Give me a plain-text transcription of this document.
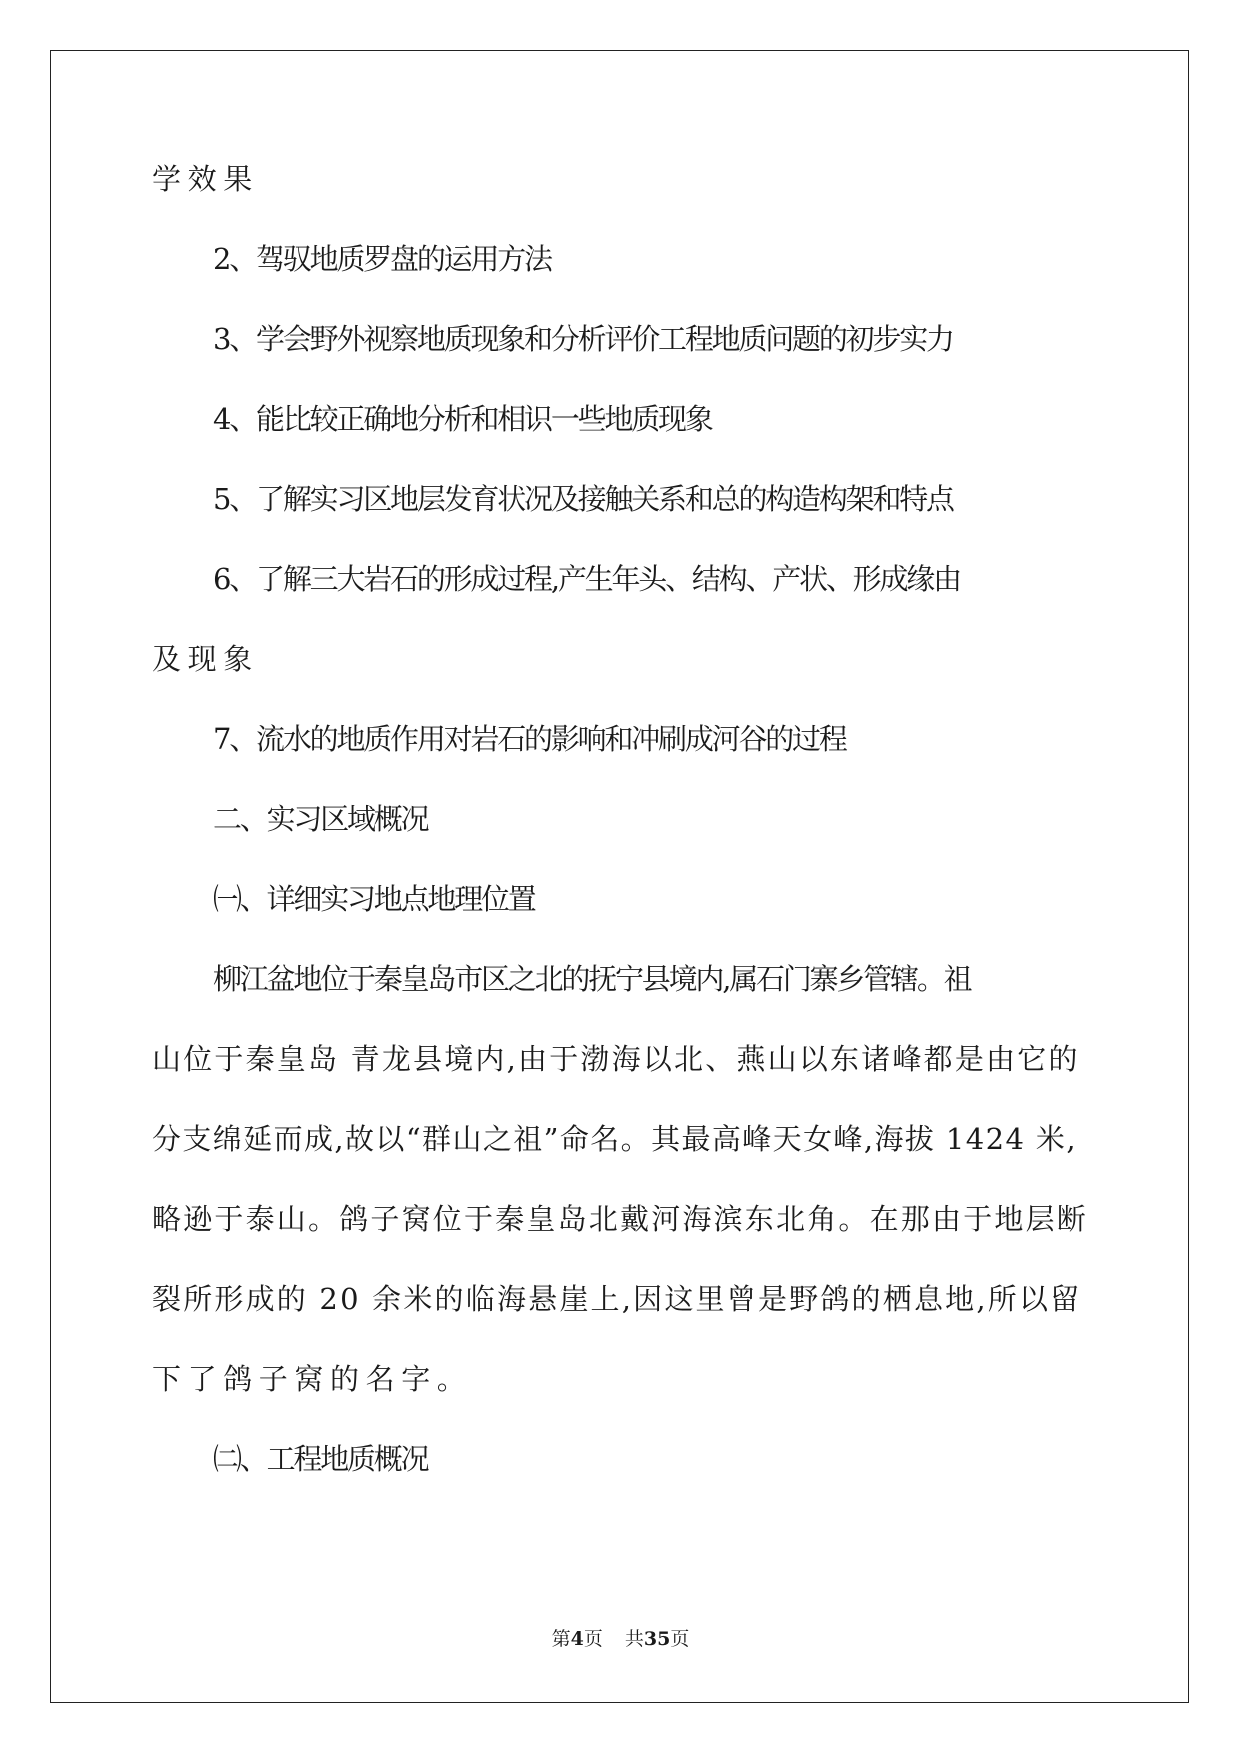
学效果
2、驾驭地质罗盘的运用方法
3、学会野外视察地质现象和分析评价工程地质问题的初步实力
4、能比较正确地分析和相识一些地质现象
5、了解实习区地层发育状况及接触关系和总的构造构架和特点
6、了解三大岩石的形成过程,产生年头、结构、产状、形成缘由
及现象
7、流水的地质作用对岩石的影响和冲刷成河谷的过程
二、实习区域概况
㈠、详细实习地点地理位置
柳江盆地位于秦皇岛市区之北的抚宁县境内,属石门寨乡管辖。祖
山位于秦皇岛 青龙县境内,由于渤海以北、燕山以东诸峰都是由它的
分支绵延而成,故以“群山之祖”命名。其最高峰天女峰,海拔 1424 米,
略逊于泰山。鸽子窝位于秦皇岛北戴河海滨东北角。在那由于地层断
裂所形成的 20 余米的临海悬崖上,因这里曾是野鸽的栖息地,所以留
下了鸽子窝的名字。
㈡、工程地质概况
第4页 共35页
